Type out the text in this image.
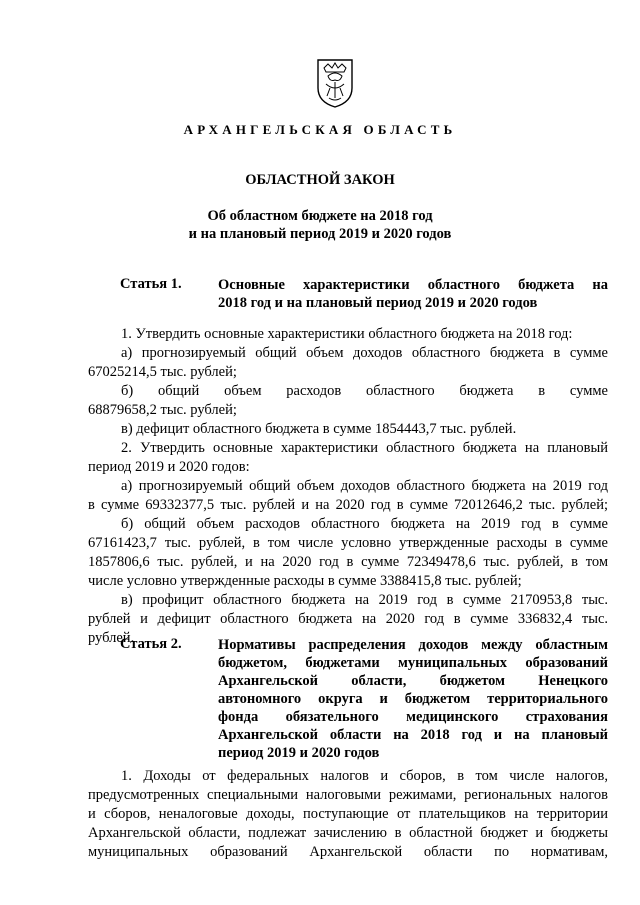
АРХАНГЕЛЬСКАЯ ОБЛАСТЬ
ОБЛАСТНОЙ ЗАКОН
Об областном бюджете на 2018 год
и на плановый период 2019 и 2020 годов
Статья 1.	Основные характеристики областного бюджета на
2018 год и на плановый период 2019 и 2020 годов
1. Утвердить основные характеристики областного бюджета на 2018 год:
а) прогнозируемый общий объем доходов областного бюджета в сумме
67025214,5 тыс. рублей;
б) общий объем расходов областного бюджета в сумме
68879658,2 тыс. рублей;
в) дефицит областного бюджета в сумме 1854443,7 тыс. рублей.
2. Утвердить основные характеристики областного бюджета на плановый
период 2019 и 2020 годов:
а) прогнозируемый общий объем доходов областного бюджета на 2019 год
в сумме 69332377,5 тыс. рублей и на 2020 год в сумме 72012646,2 тыс. рублей;
б) общий объем расходов областного бюджета на 2019 год в сумме
67161423,7 тыс. рублей, в том числе условно утвержденные расходы в сумме
1857806,6 тыс. рублей, и на 2020 год в сумме 72349478,6 тыс. рублей, в том
числе условно утвержденные расходы в сумме 3388415,8 тыс. рублей;
в) профицит областного бюджета на 2019 год в сумме 2170953,8 тыс.
рублей и дефицит областного бюджета на 2020 год в сумме 336832,4 тыс.
рублей.
Статья 2.	Нормативы распределения доходов между областным
бюджетом, бюджетами муниципальных образований
Архангельской области, бюджетом Ненецкого
автономного округа и бюджетом территориального
фонда обязательного медицинского страхования
Архангельской области на 2018 год и на плановый
период 2019 и 2020 годов
1. Доходы от федеральных налогов и сборов, в том числе налогов,
предусмотренных специальными налоговыми режимами, региональных налогов
и сборов, неналоговые доходы, поступающие от плательщиков на территории
Архангельской области, подлежат зачислению в областной бюджет и бюджеты
муниципальных образований Архангельской области по нормативам,
